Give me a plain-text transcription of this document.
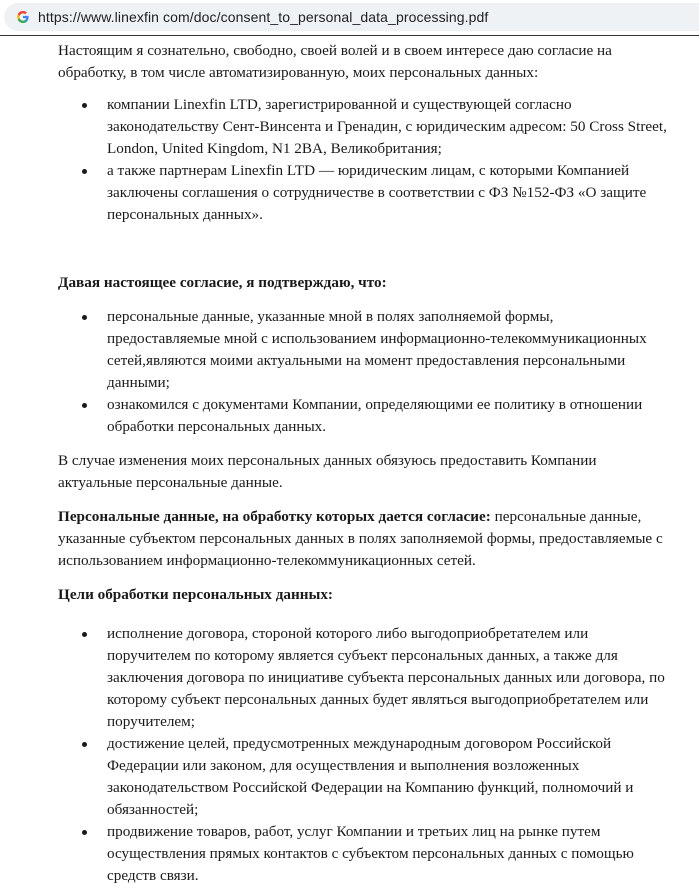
https://www.linexfin com/doc/consent_to_personal_data_processing.pdf

Настоящим я сознательно, свободно, своей волей и в своем интересе даю согласие на обработку, в том числе автоматизированную, моих персональных данных:

компании Linexfin LTD, зарегистрированной и существующей согласно законодательству Сент-Винсента и Гренадин, с юридическим адресом: 50 Cross Street, London, United Kingdom, N1 2BA, Великобритания;
а также партнерам Linexfin LTD — юридическим лицам, с которыми Компанией заключены соглашения о сотрудничестве в соответствии с ФЗ №152-ФЗ «О защите персональных данных».

Давая настоящее согласие, я подтверждаю, что:

персональные данные, указанные мной в полях заполняемой формы, предоставляемые мной с использованием информационно-телекоммуникационных сетей,являются моими актуальными на момент предоставления персональными данными;
ознакомился с документами Компании, определяющими ее политику в отношении обработки персональных данных.

В случае изменения моих персональных данных обязуюсь предоставить Компании актуальные персональные данные.

Персональные данные, на обработку которых дается согласие: персональные данные, указанные субъектом персональных данных в полях заполняемой формы, предоставляемые с использованием информационно-телекоммуникационных сетей.

Цели обработки персональных данных:

исполнение договора, стороной которого либо выгодоприобретателем или поручителем по которому является субъект персональных данных, а также для заключения договора по инициативе субъекта персональных данных или договора, по которому субъект персональных данных будет являться выгодоприобретателем или поручителем;
достижение целей, предусмотренных международным договором Российской Федерации или законом, для осуществления и выполнения возложенных законодательством Российской Федерации на Компанию функций, полномочий и обязанностей;
продвижение товаров, работ, услуг Компании и третьих лиц на рынке путем осуществления прямых контактов с субъектом персональных данных с помощью средств связи.
